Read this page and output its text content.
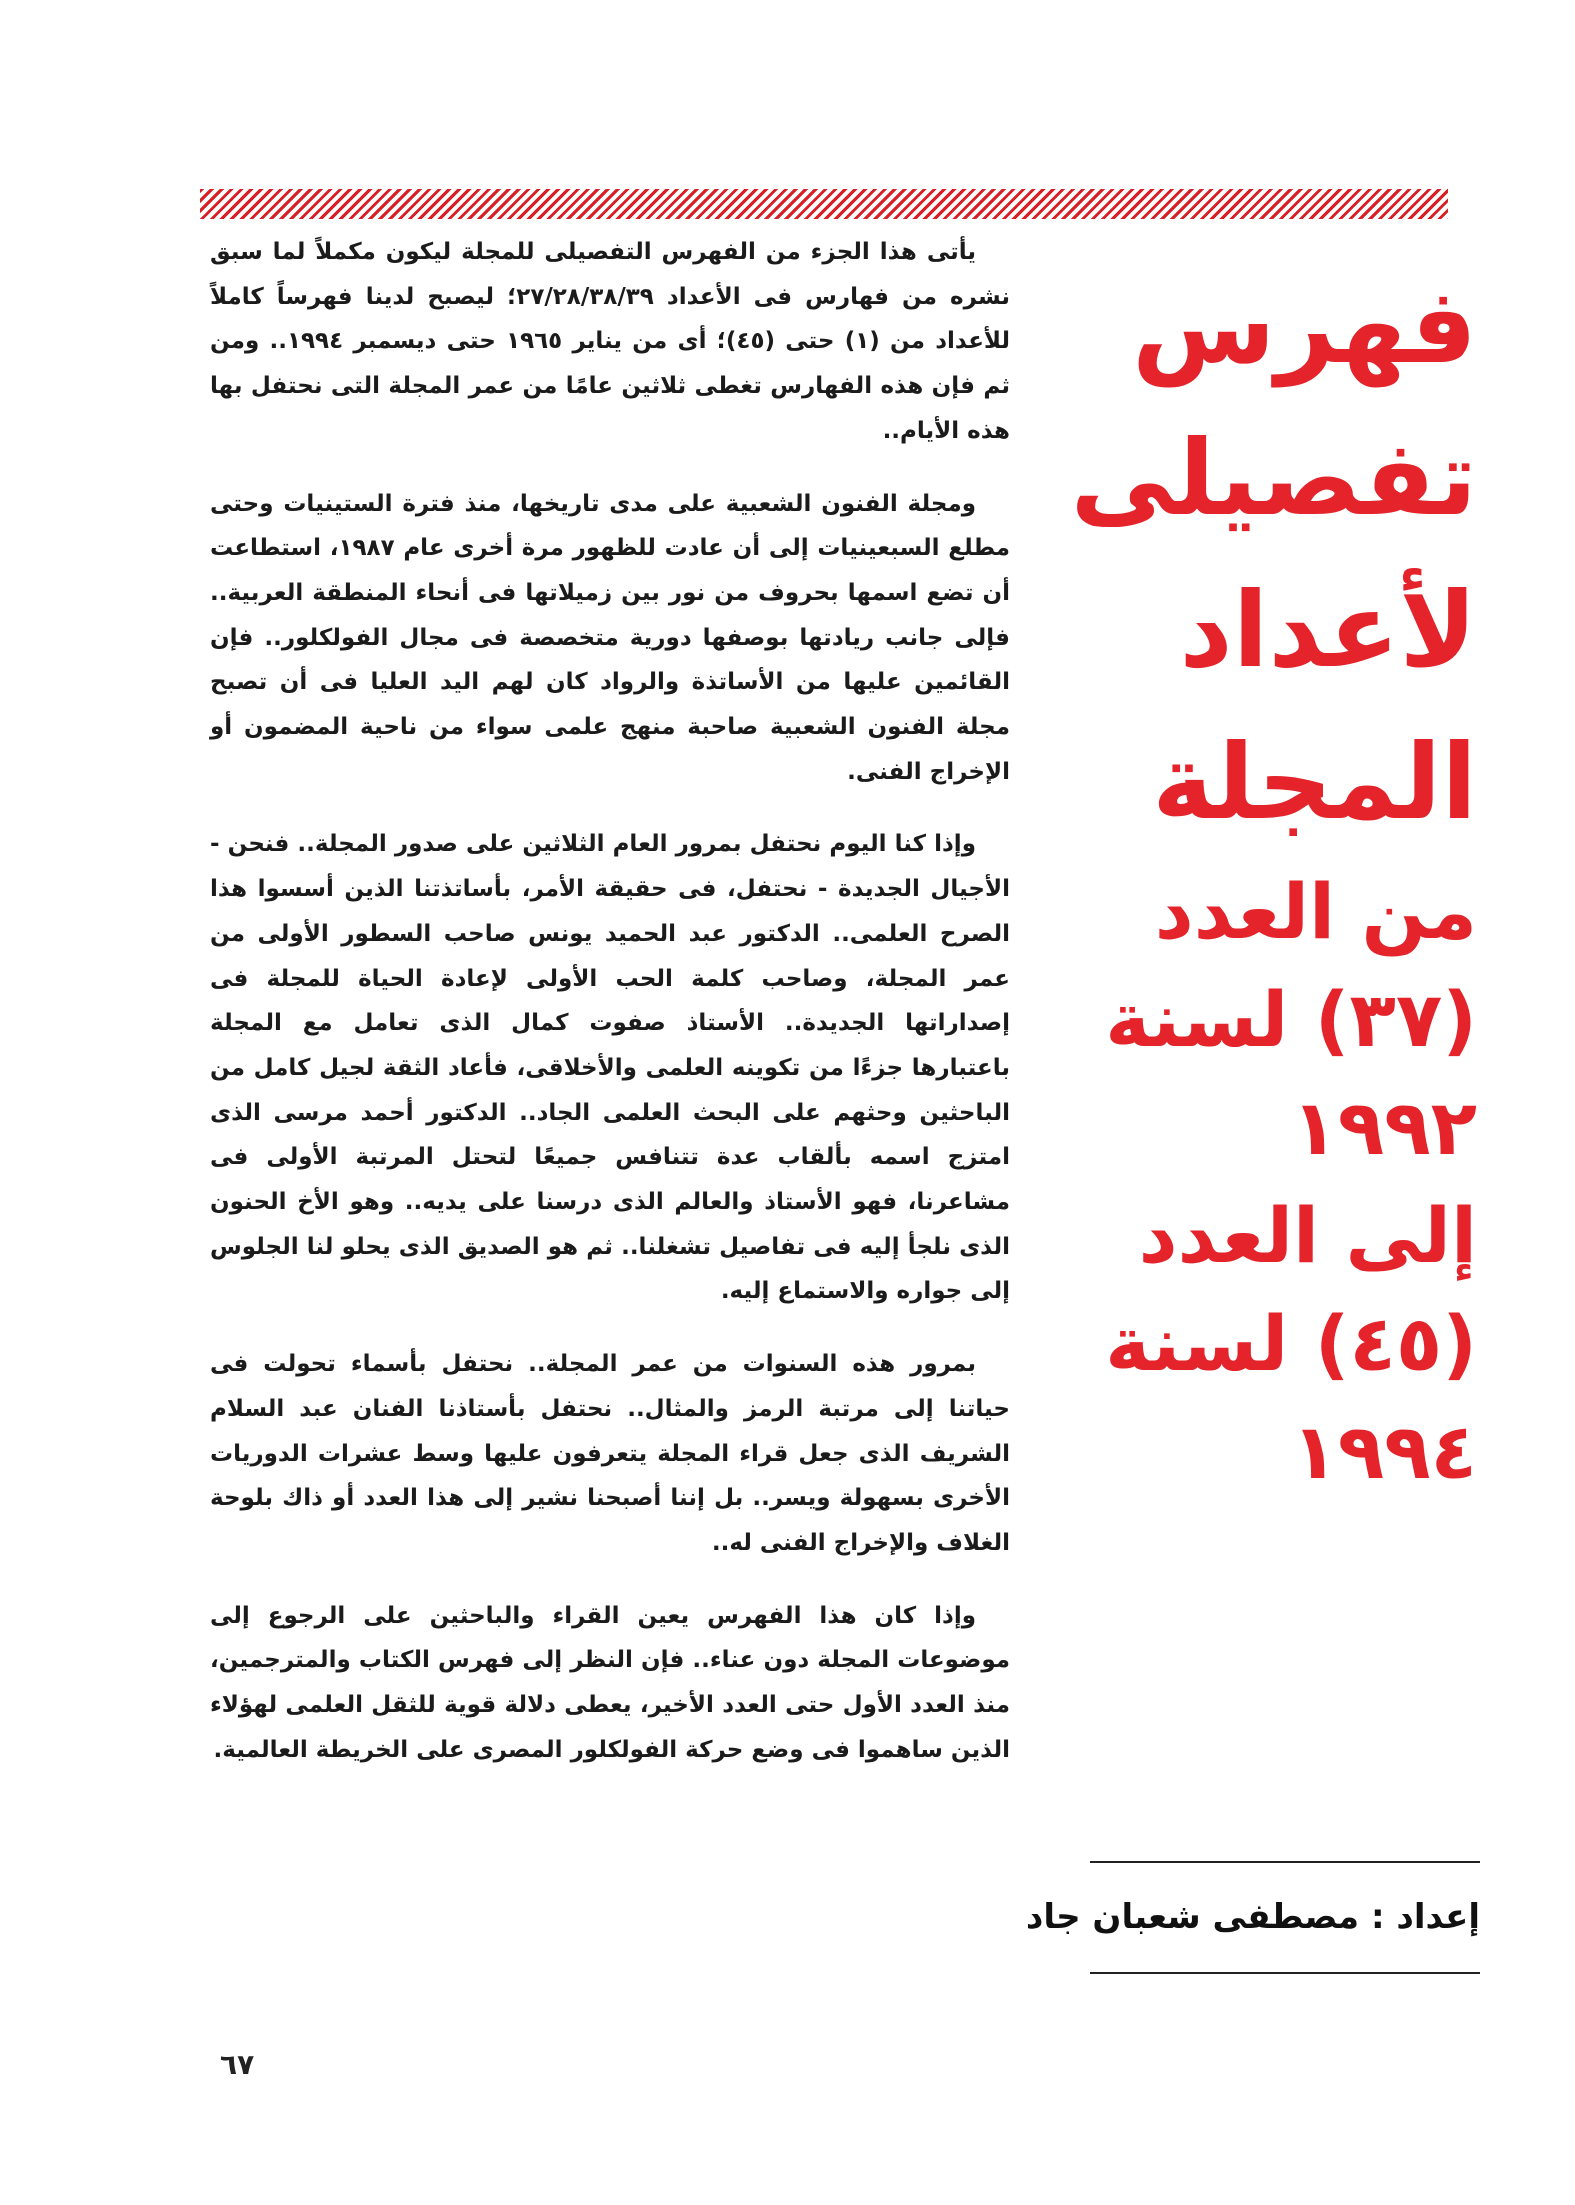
يأتى هذا الجزء من الفهرس التفصيلى للمجلة ليكون مكملاً لما سبق نشره من فهارس فى الأعداد ٢٧/٢٨/٣٨/٣٩؛ ليصبح لدينا فهرساً كاملاً للأعداد من (١) حتى (٤٥)؛ أى من يناير ١٩٦٥ حتى ديسمبر ١٩٩٤.. ومن ثم فإن هذه الفهارس تغطى ثلاثين عامًا من عمر المجلة التى نحتفل بها هذه الأيام..

ومجلة الفنون الشعبية على مدى تاريخها، منذ فترة الستينيات وحتى مطلع السبعينيات إلى أن عادت للظهور مرة أخرى عام ١٩٨٧، استطاعت أن تضع اسمها بحروف من نور بين زميلاتها فى أنحاء المنطقة العربية.. فإلى جانب ريادتها بوصفها دورية متخصصة فى مجال الفولكلور.. فإن القائمين عليها من الأساتذة والرواد كان لهم اليد العليا فى أن تصبح مجلة الفنون الشعبية صاحبة منهج علمى سواء من ناحية المضمون أو الإخراج الفنى.

وإذا كنا اليوم نحتفل بمرور العام الثلاثين على صدور المجلة.. فنحن - الأجيال الجديدة - نحتفل، فى حقيقة الأمر، بأساتذتنا الذين أسسوا هذا الصرح العلمى.. الدكتور عبد الحميد يونس صاحب السطور الأولى من عمر المجلة، وصاحب كلمة الحب الأولى لإعادة الحياة للمجلة فى إصداراتها الجديدة.. الأستاذ صفوت كمال الذى تعامل مع المجلة باعتبارها جزءًا من تكوينه العلمى والأخلاقى، فأعاد الثقة لجيل كامل من الباحثين وحثهم على البحث العلمى الجاد.. الدكتور أحمد مرسى الذى امتزج اسمه بألقاب عدة تتنافس جميعًا لتحتل المرتبة الأولى فى مشاعرنا، فهو الأستاذ والعالم الذى درسنا على يديه.. وهو الأخ الحنون الذى نلجأ إليه فى تفاصيل تشغلنا.. ثم هو الصديق الذى يحلو لنا الجلوس إلى جواره والاستماع إليه.

بمرور هذه السنوات من عمر المجلة.. نحتفل بأسماء تحولت فى حياتنا إلى مرتبة الرمز والمثال.. نحتفل بأستاذنا الفنان عبد السلام الشريف الذى جعل قراء المجلة يتعرفون عليها وسط عشرات الدوريات الأخرى بسهولة ويسر.. بل إننا أصبحنا نشير إلى هذا العدد أو ذاك بلوحة الغلاف والإخراج الفنى له..

وإذا كان هذا الفهرس يعين القراء والباحثين على الرجوع إلى موضوعات المجلة دون عناء.. فإن النظر إلى فهرس الكتاب والمترجمين، منذ العدد الأول حتى العدد الأخير، يعطى دلالة قوية للثقل العلمى لهؤلاء الذين ساهموا فى وضع حركة الفولكلور المصرى على الخريطة العالمية.

فهرس
تفصيلى
لأعداد
المجلة
من العدد
(٣٧) لسنة
١٩٩٢
إلى العدد
(٤٥) لسنة
١٩٩٤
إعداد : مصطفى شعبان جاد
٦٧
